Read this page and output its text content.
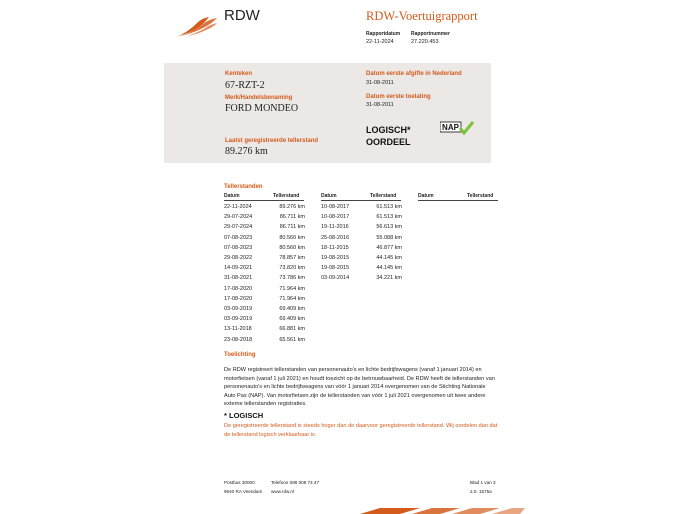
RDW	RDW-Voertuigrapport
Rapportdatum
22-11-2024
Rapportnummer
27.220.453
Kenteken
67-RZT-2
Merk/Handelsbenaming
FORD MONDEO
Laatst geregistreerde tellerstand
89.276 km
Datum eerste afgifte in Nederland
31-08-2011
Datum eerste toelating
31-08-2011
LOGISCH*
OORDEEL
NAP
Tellerstanden
Datum	Tellerstand	Datum	Tellerstand	Datum	Tellerstand
22-11-2024	89.276 km
29-07-2024	86.711 km
29-07-2024	86.711 km
07-08-2023	80.560 km
07-08-2023	80.560 km
29-08-2022	78.857 km
14-09-2021	73.820 km
31-08-2021	73.786 km
17-08-2020	71.964 km
17-08-2020	71.964 km
03-09-2019	69.409 km
03-09-2019	69.409 km
13-11-2018	66.881 km
23-08-2018	65.561 km
10-08-2017	61.513 km
10-08-2017	61.513 km
19-11-2016	56.613 km
25-08-2016	55.088 km
18-11-2015	46.877 km
19-08-2015	44.145 km
19-08-2015	44.145 km
03-09-2014	34.221 km
Toelichting
De RDW registreert tellerstanden van personenauto's en lichte bedrijfswagens (vanaf 1 januari 2014) en motorfietsen (vanaf 1 juli 2021) en houdt toezicht op de betrouwbaarheid. De RDW heeft de tellerstanden van personenauto's en lichte bedrijfswagens van vóór 1 januari 2014 overgenomen van de Stichting Nationale Auto Pas (NAP). Van motorfietsen zijn de tellerstanden van vóór 1 juli 2021 overgenomen uit twee andere externe tellerstanden registraties.
* LOGISCH
De geregistreerde tellerstand is steeds hoger dan de daarvoor geregistreerde tellerstand. Wij oordelen dan dat de tellerstand logisch verklaarbaar is.
Postbus 30000
9640 RA Veendam
Telefoon 088 008 74 47
www.rdw.nl
Blad 1 van 3
2.0. 1575a
